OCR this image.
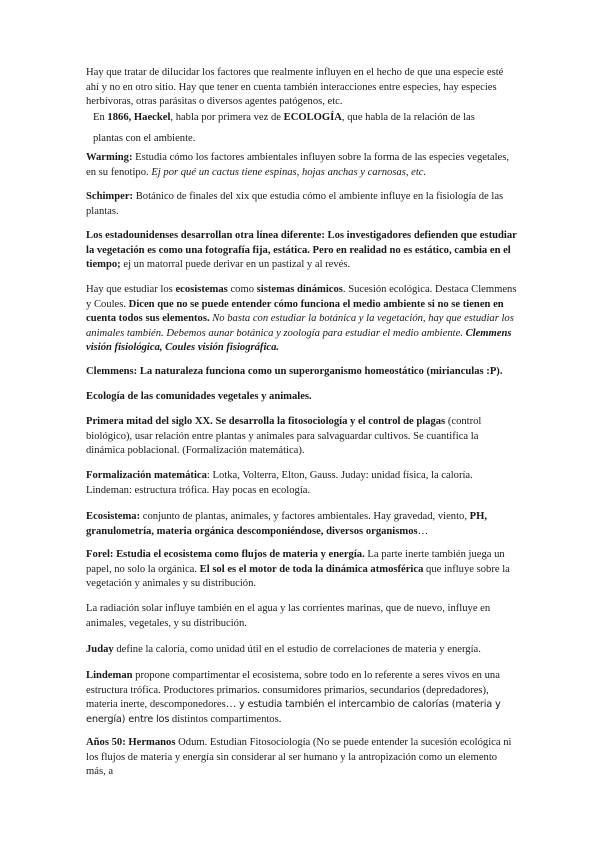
Hay que tratar de dilucidar los factores que realmente influyen en el hecho de que una especie esté ahí y no en otro sitio. Hay que tener en cuenta también interacciones entre especies, hay especies herbívoras, otras parásitas o diversos agentes patógenos, etc.

En 1866, Haeckel, habla por primera vez de ECOLOGÍA, que habla de la relación de las

plantas con el ambiente.

Warming: Estudia cómo los factores ambientales influyen sobre la forma de las especies vegetales, en su fenotipo. Ej por qué un cactus tiene espinas, hojas anchas y carnosas, etc.

Schimper: Botánico de finales del xix que estudia cómo el ambiente influye en la fisiología de las plantas.

Los estadounidenses desarrollan otra línea diferente: Los investigadores defienden que estudiar la vegetación es como una fotografía fija, estática. Pero en realidad no es estático, cambia en el tiempo; ej un matorral puede derivar en un pastizal y al revés.

Hay que estudiar los ecosistemas como sistemas dinámicos. Sucesión ecológica. Destaca Clemmens y Coules. Dicen que no se puede entender cómo funciona el medio ambiente si no se tienen en cuenta todos sus elementos. No basta con estudiar la botánica y la vegetación, hay que estudiar los animales también. Debemos aunar botánica y zoología para estudiar el medio ambiente. Clemmens visión fisiológica, Coules visión fisiográfica.

Clemmens: La naturaleza funciona como un superorganismo homeostático (mirianculas :P).

Ecología de las comunidades vegetales y animales.

Primera mitad del siglo XX. Se desarrolla la fitosociología y el control de plagas (control biológico), usar relación entre plantas y animales para salvaguardar cultivos. Se cuantifica la dinámica poblacional. (Formalización matemática).

Formalización matemática: Lotka, Volterra, Elton, Gauss. Juday: unidad física, la caloría. Lindeman: estructura trófica. Hay pocas en ecología.

Ecosistema: conjunto de plantas, animales, y factores ambientales. Hay gravedad, viento, PH, granulometría, materia orgánica descomponiéndose, diversos organismos…

Forel: Estudia el ecosistema como flujos de materia y energía. La parte inerte también juega un papel, no solo la orgánica. El sol es el motor de toda la dinámica atmosférica que influye sobre la vegetación y animales y su distribución.

La radiación solar influye también en el agua y las corrientes marinas, que de nuevo, influye en animales, vegetales, y su distribución.

Juday define la caloría, como unidad útil en el estudio de correlaciones de materia y energía.

Lindeman propone compartimentar el ecosistema, sobre todo en lo referente a seres vivos en una estructura trófica. Productores primarios. consumidores primarios, secundarios (depredadores), materia inerte, descomponedores… y estudia también el intercambio de calorías (materia y energía) entre los distintos compartimentos.

Años 50: Hermanos Odum. Estudian Fitosociología (No se puede entender la sucesión ecológica ni los flujos de materia y energía sin considerar al ser humano y la antropización como un elemento más, a
